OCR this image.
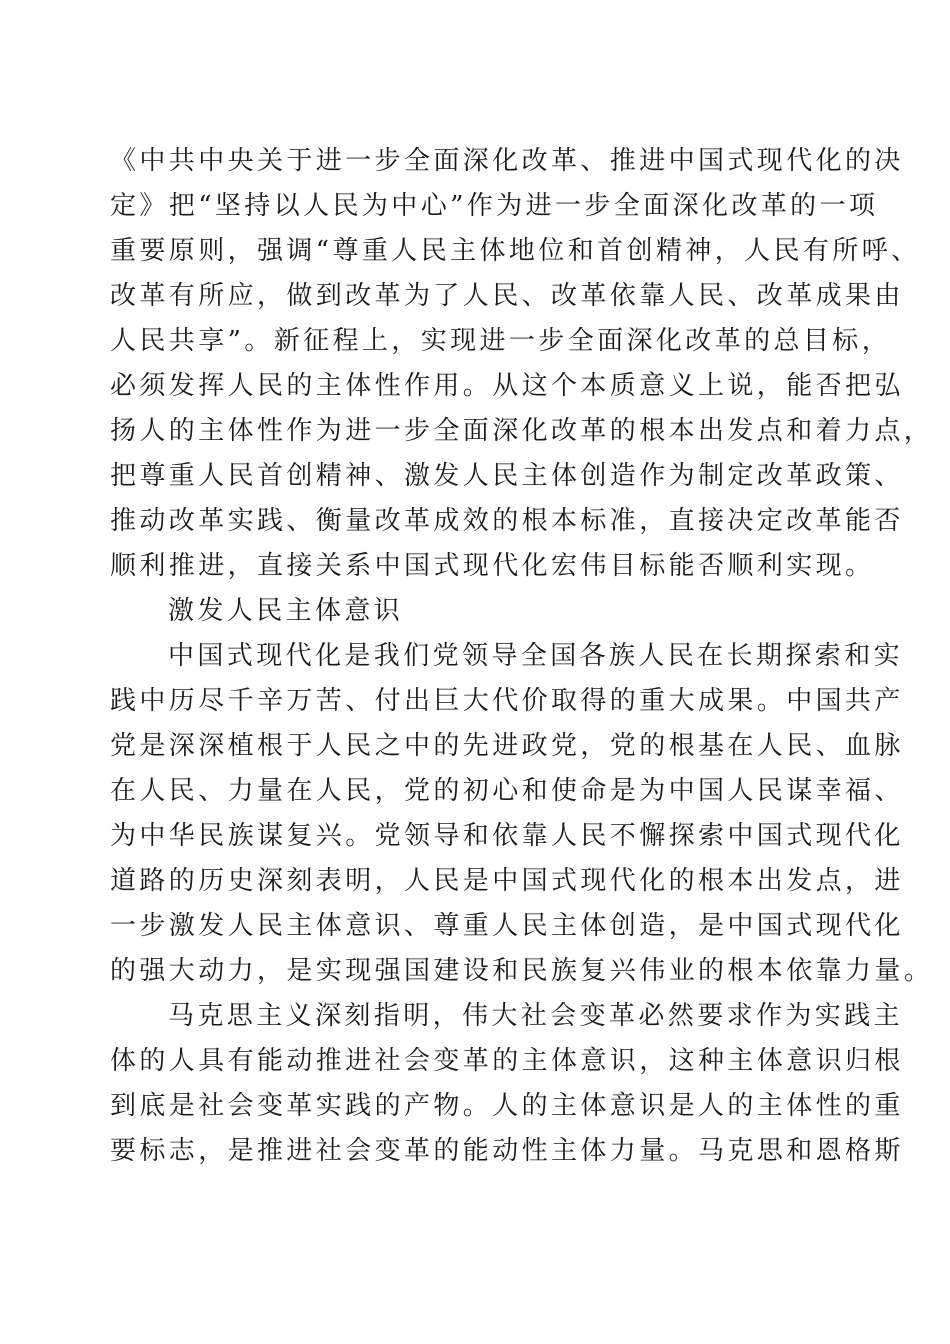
《中共中央关于进一步全面深化改革、推进中国式现代化的决
定》把“坚持以人民为中心”作为进一步全面深化改革的一项
重要原则，强调“尊重人民主体地位和首创精神，人民有所呼、
改革有所应，做到改革为了人民、改革依靠人民、改革成果由
人民共享”。新征程上，实现进一步全面深化改革的总目标，
必须发挥人民的主体性作用。从这个本质意义上说，能否把弘
扬人的主体性作为进一步全面深化改革的根本出发点和着力点，
把尊重人民首创精神、激发人民主体创造作为制定改革政策、
推动改革实践、衡量改革成效的根本标准，直接决定改革能否
顺利推进，直接关系中国式现代化宏伟目标能否顺利实现。
激发人民主体意识
中国式现代化是我们党领导全国各族人民在长期探索和实
践中历尽千辛万苦、付出巨大代价取得的重大成果。中国共产
党是深深植根于人民之中的先进政党，党的根基在人民、血脉
在人民、力量在人民，党的初心和使命是为中国人民谋幸福、
为中华民族谋复兴。党领导和依靠人民不懈探索中国式现代化
道路的历史深刻表明，人民是中国式现代化的根本出发点，进
一步激发人民主体意识、尊重人民主体创造，是中国式现代化
的强大动力，是实现强国建设和民族复兴伟业的根本依靠力量。
马克思主义深刻指明，伟大社会变革必然要求作为实践主
体的人具有能动推进社会变革的主体意识，这种主体意识归根
到底是社会变革实践的产物。人的主体意识是人的主体性的重
要标志，是推进社会变革的能动性主体力量。马克思和恩格斯
